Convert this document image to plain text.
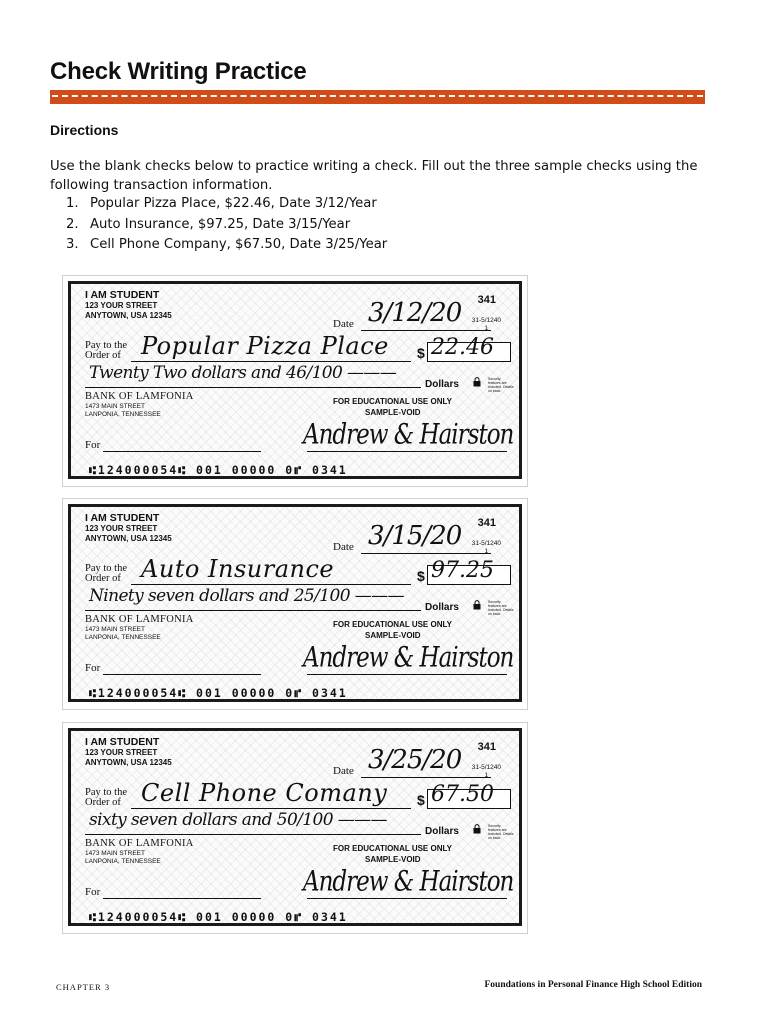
Check Writing Practice
Directions

Use the blank checks below to practice writing a check. Fill out the three sample checks using the following transaction information.

1. Popular Pizza Place, $22.46, Date 3/12/Year
2. Auto Insurance, $97.25, Date 3/15/Year
3. Cell Phone Company, $67.50, Date 3/25/Year
I AM STUDENT
123 YOUR STREET
ANYTOWN, USA 12345
341
31-5/1240
1
Date 3/12/20
Pay to the
Order of Popular Pizza Place $ 22.46
Twenty Two dollars and 46/100 ———
Dollars	Security features are included. Details on back.
BANK OF LAMFONIA
1473 MAIN STREET
LANPONIA, TENNESSEE
FOR EDUCATIONAL USE ONLY
SAMPLE-VOID
For	Andrew & Hairston
⑆124000054⑆ 001 00000 0⑈ 0341
I AM STUDENT
123 YOUR STREET
ANYTOWN, USA 12345
341
31-5/1240
1
Date 3/15/20
Pay to the
Order of Auto Insurance	$ 97.25
Ninety seven dollars and 25/100 ———
Dollars	Security features are included. Details on back.
BANK OF LAMFONIA
1473 MAIN STREET
LANPONIA, TENNESSEE
FOR EDUCATIONAL USE ONLY
SAMPLE-VOID
For	Andrew & Hairston
⑆124000054⑆ 001 00000 0⑈ 0341
I AM STUDENT
123 YOUR STREET
ANYTOWN, USA 12345
341
31-5/1240
1
Date 3/25/20
Pay to the
Order of Cell Phone Comany $ 67.50
sixty seven dollars and 50/100 ———
Dollars	Security features are included. Details on back.
BANK OF LAMFONIA
1473 MAIN STREET
LANPONIA, TENNESSEE
FOR EDUCATIONAL USE ONLY
SAMPLE-VOID
For	Andrew & Hairston
⑆124000054⑆ 001 00000 0⑈ 0341

CHAPTER 3	Foundations in Personal Finance High School Edition
